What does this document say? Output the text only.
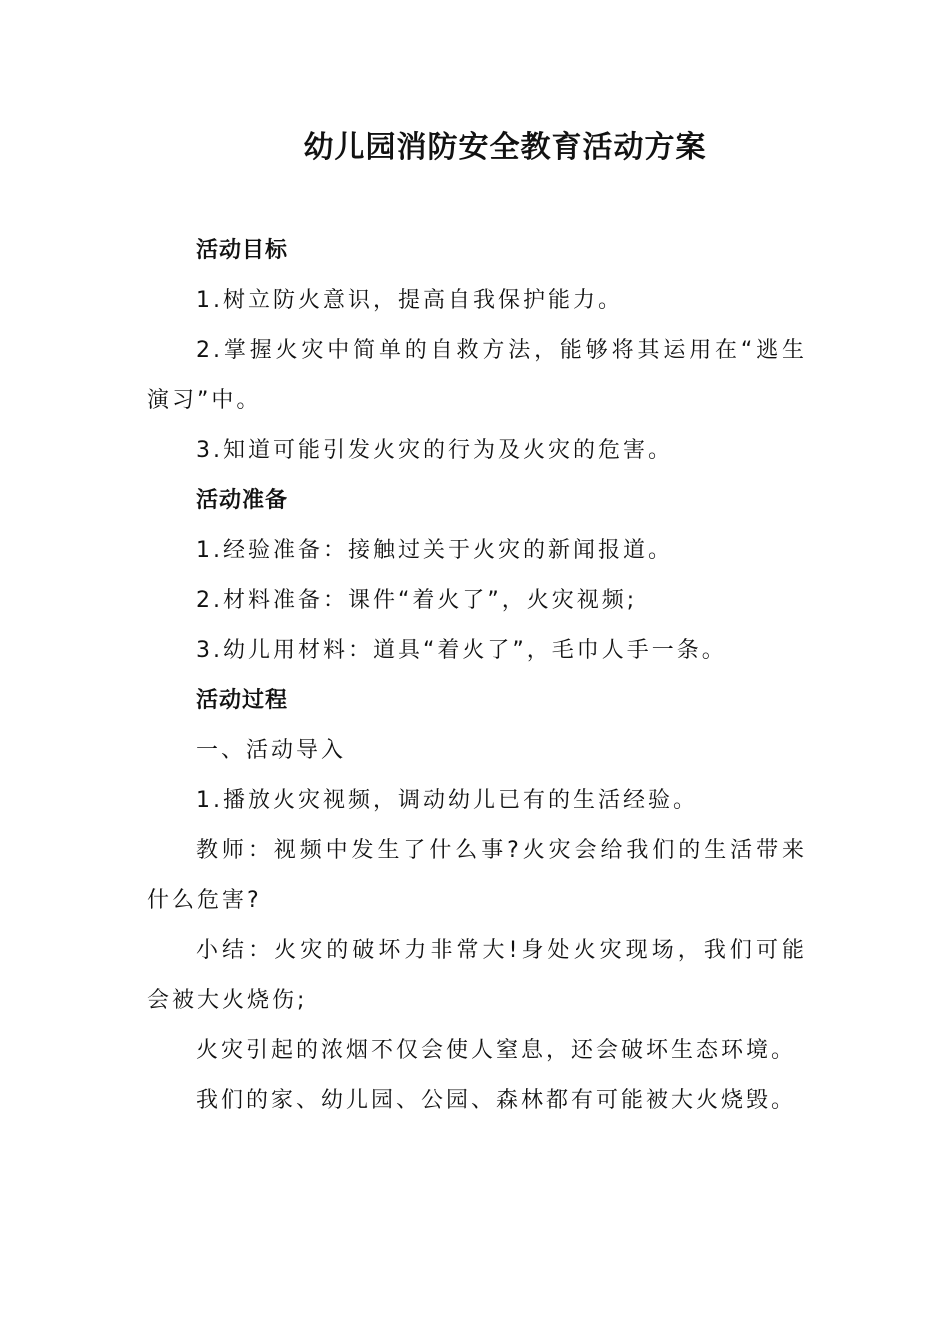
幼儿园消防安全教育活动方案

活动目标

1.树立防火意识，提高自我保护能力。

2.掌握火灾中简单的自救方法，能够将其运用在“逃生演习”中。

3.知道可能引发火灾的行为及火灾的危害。

活动准备

1.经验准备：接触过关于火灾的新闻报道。

2.材料准备：课件“着火了”，火灾视频;

3.幼儿用材料：道具“着火了”，毛巾人手一条。

活动过程

一、活动导入

1.播放火灾视频，调动幼儿已有的生活经验。

教师：视频中发生了什么事?火灾会给我们的生活带来什么危害?

小结：火灾的破坏力非常大!身处火灾现场，我们可能会被大火烧伤;

火灾引起的浓烟不仅会使人窒息，还会破坏生态环境。

我们的家、幼儿园、公园、森林都有可能被大火烧毁。
